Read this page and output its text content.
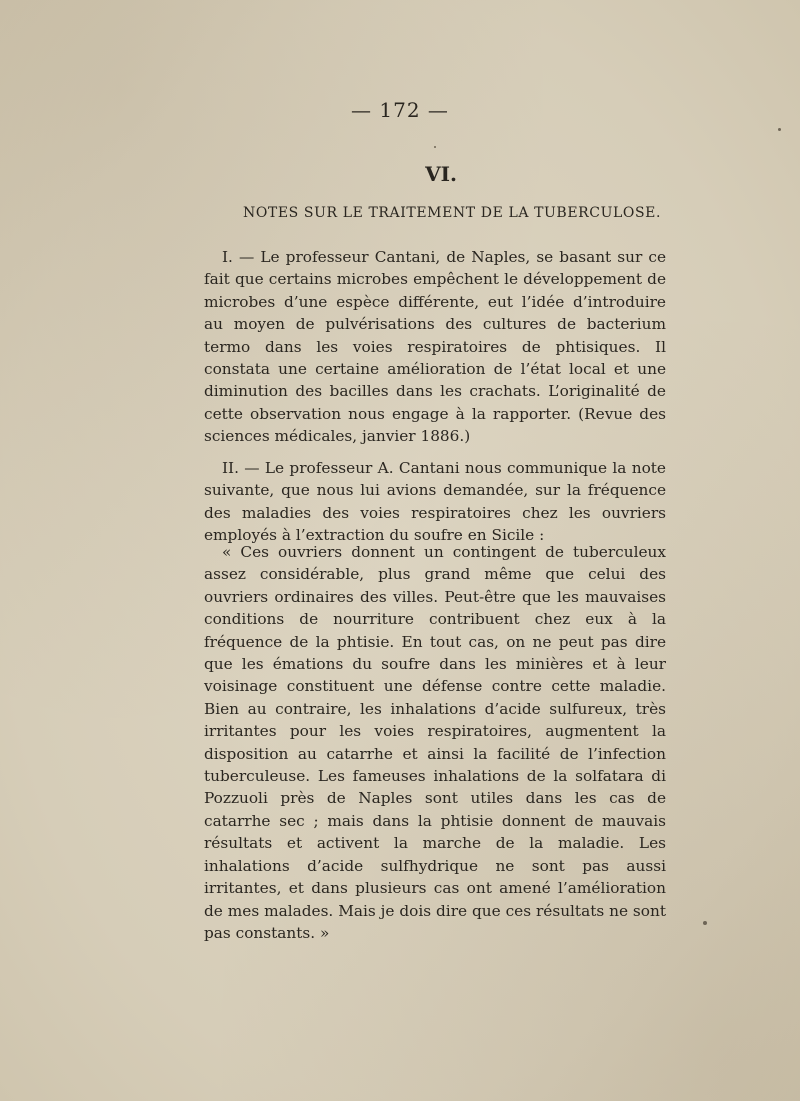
— 172 —
VI.
NOTES SUR LE TRAITEMENT DE LA TUBERCULOSE.

I. — Le professeur Cantani, de Naples, se basant sur ce fait que certains microbes empêchent le développement de microbes d’une espèce différente, eut l’idée d’introduire au moyen de pulvérisations des cultures de bacterium termo dans les voies respiratoires de phtisiques. Il constata une certaine amélioration de l’état local et une diminution des bacilles dans les crachats. L’originalité de cette observation nous engage à la rapporter. (Revue des sciences médicales, janvier 1886.)

II. — Le professeur A. Cantani nous communique la note suivante, que nous lui avions demandée, sur la fréquence des maladies des voies respiratoires chez les ouvriers employés à l’extraction du soufre en Sicile :

« Ces ouvriers donnent un contingent de tuberculeux assez considérable, plus grand même que celui des ouvriers ordinaires des villes. Peut-être que les mauvaises conditions de nourriture contribuent chez eux à la fréquence de la phtisie. En tout cas, on ne peut pas dire que les émations du soufre dans les minières et à leur voisinage constituent une défense contre cette maladie. Bien au contraire, les inhalations d’acide sulfureux, très irritantes pour les voies respiratoires, augmentent la disposition au catarrhe et ainsi la facilité de l’infection tuberculeuse. Les fameuses inhalations de la solfatara di Pozzuoli près de Naples sont utiles dans les cas de catarrhe sec ; mais dans la phtisie donnent de mauvais résultats et activent la marche de la maladie. Les inhalations d’acide sulfhydrique ne sont pas aussi irritantes, et dans plusieurs cas ont amené l’amélioration de mes malades. Mais je dois dire que ces résultats ne sont pas constants. »
